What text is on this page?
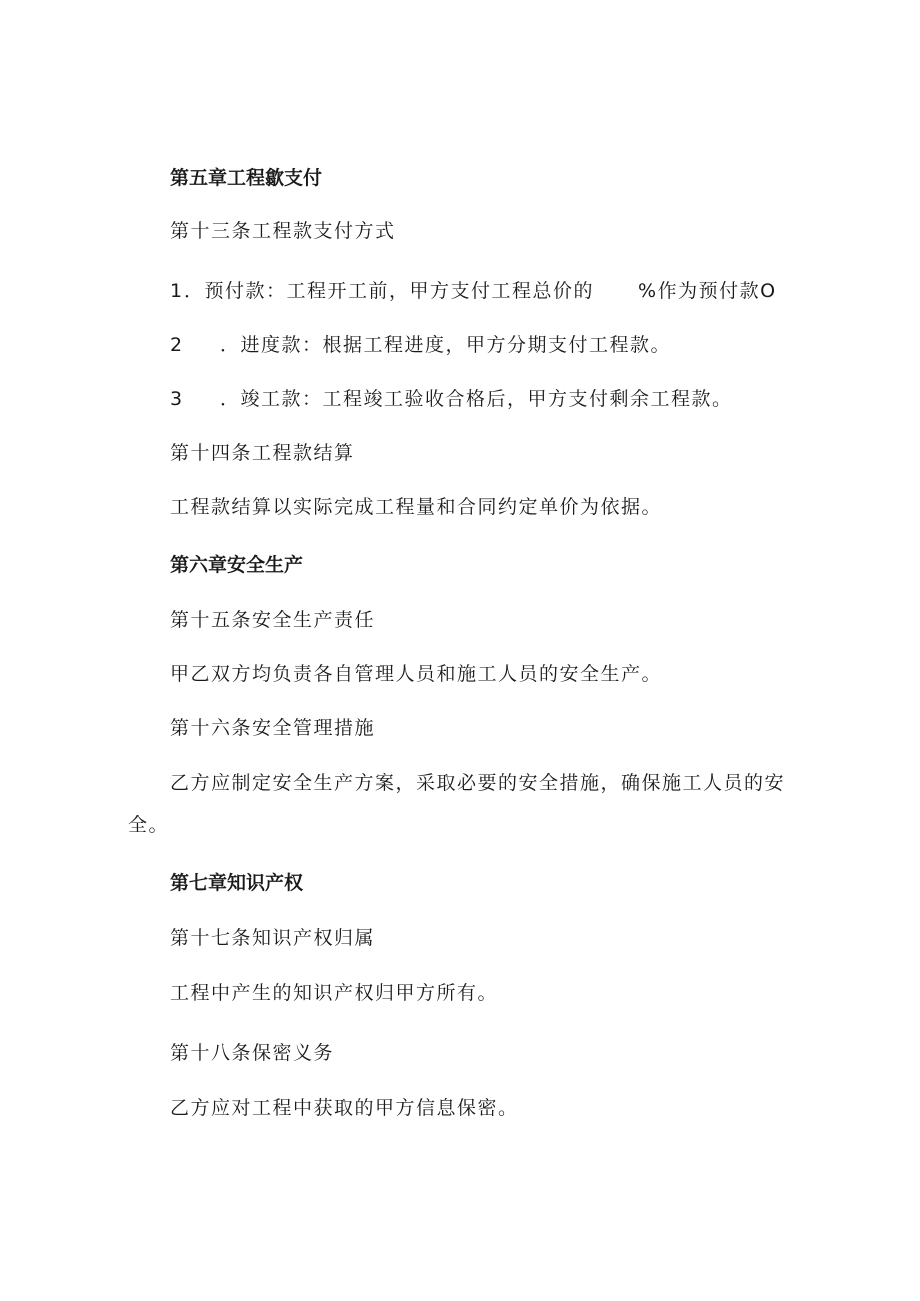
第五章工程歙支付

第十三条工程款支付方式

1．预付款：工程开工前，甲方支付工程总价的 %作为预付款O

2 ．进度款：根据工程进度，甲方分期支付工程款。

3 ．竣工款：工程竣工验收合格后，甲方支付剩余工程款。

第十四条工程款结算

工程款结算以实际完成工程量和合同约定单价为依据。

第六章安全生产

第十五条安全生产责任

甲乙双方均负责各自管理人员和施工人员的安全生产。

第十六条安全管理措施

乙方应制定安全生产方案，采取必要的安全措施，确保施工人员的安

全。

第七章知识产权

第十七条知识产权归属

工程中产生的知识产权归甲方所有。

第十八条保密义务

乙方应对工程中获取的甲方信息保密。
